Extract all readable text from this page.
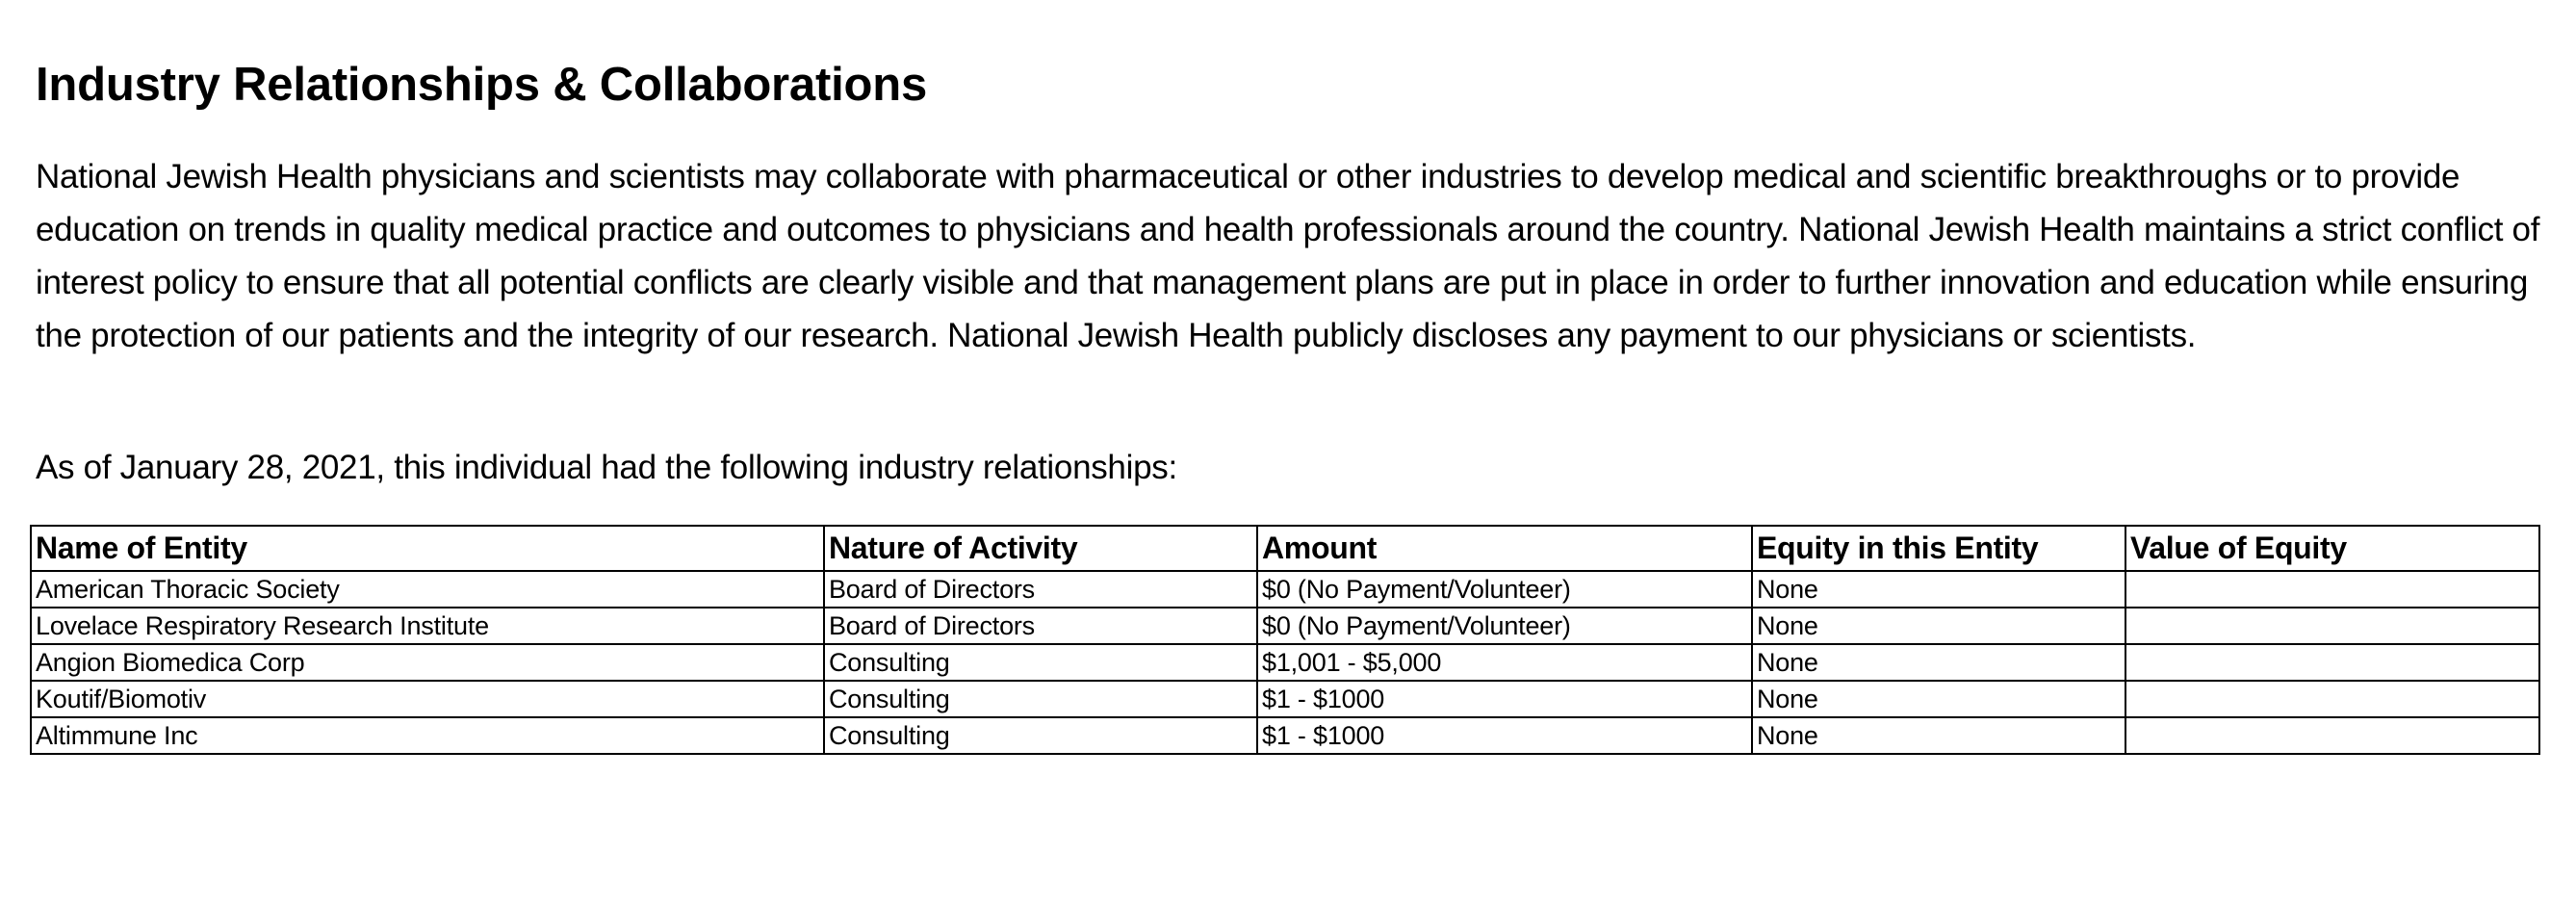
Industry Relationships & Collaborations

National Jewish Health physicians and scientists may collaborate with pharmaceutical or other industries to develop medical and scientific breakthroughs or to provide education on trends in quality medical practice and outcomes to physicians and health professionals around the country. National Jewish Health maintains a strict conflict of interest policy to ensure that all potential conflicts are clearly visible and that management plans are put in place in order to further innovation and education while ensuring the protection of our patients and the integrity of our research. National Jewish Health publicly discloses any payment to our physicians or scientists.

As of January 28, 2021, this individual had the following industry relationships:

Name of Entity	Nature of Activity	Amount	Equity in this Entity	Value of Equity
American Thoracic Society	Board of Directors	$0 (No Payment/Volunteer)	None	
Lovelace Respiratory Research Institute	Board of Directors	$0 (No Payment/Volunteer)	None	
Angion Biomedica Corp	Consulting	$1,001 - $5,000	None	
Koutif/Biomotiv	Consulting	$1 - $1000	None	
Altimmune Inc	Consulting	$1 - $1000	None	
